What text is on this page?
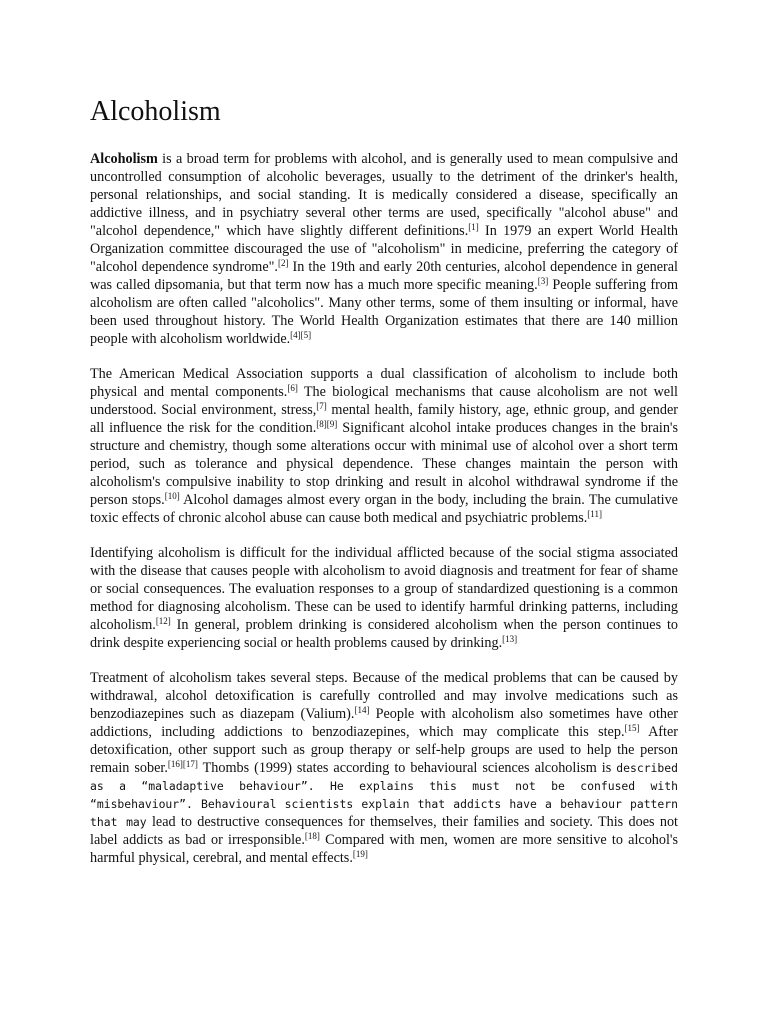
Alcoholism

Alcoholism is a broad term for problems with alcohol, and is generally used to mean compulsive and uncontrolled consumption of alcoholic beverages, usually to the detriment of the drinker's health, personal relationships, and social standing. It is medically considered a disease, specifically an addictive illness, and in psychiatry several other terms are used, specifically "alcohol abuse" and "alcohol dependence," which have slightly different definitions.[1] In 1979 an expert World Health Organization committee discouraged the use of "alcoholism" in medicine, preferring the category of "alcohol dependence syndrome".[2] In the 19th and early 20th centuries, alcohol dependence in general was called dipsomania, but that term now has a much more specific meaning.[3] People suffering from alcoholism are often called "alcoholics". Many other terms, some of them insulting or informal, have been used throughout history. The World Health Organization estimates that there are 140 million people with alcoholism worldwide.[4][5]

The American Medical Association supports a dual classification of alcoholism to include both physical and mental components.[6] The biological mechanisms that cause alcoholism are not well understood. Social environment, stress,[7] mental health, family history, age, ethnic group, and gender all influence the risk for the condition.[8][9] Significant alcohol intake produces changes in the brain's structure and chemistry, though some alterations occur with minimal use of alcohol over a short term period, such as tolerance and physical dependence. These changes maintain the person with alcoholism's compulsive inability to stop drinking and result in alcohol withdrawal syndrome if the person stops.[10] Alcohol damages almost every organ in the body, including the brain. The cumulative toxic effects of chronic alcohol abuse can cause both medical and psychiatric problems.[11]

Identifying alcoholism is difficult for the individual afflicted because of the social stigma associated with the disease that causes people with alcoholism to avoid diagnosis and treatment for fear of shame or social consequences. The evaluation responses to a group of standardized questioning is a common method for diagnosing alcoholism. These can be used to identify harmful drinking patterns, including alcoholism.[12] In general, problem drinking is considered alcoholism when the person continues to drink despite experiencing social or health problems caused by drinking.[13]

Treatment of alcoholism takes several steps. Because of the medical problems that can be caused by withdrawal, alcohol detoxification is carefully controlled and may involve medications such as benzodiazepines such as diazepam (Valium).[14] People with alcoholism also sometimes have other addictions, including addictions to benzodiazepines, which may complicate this step.[15] After detoxification, other support such as group therapy or self-help groups are used to help the person remain sober.[16][17] Thombs (1999) states according to behavioural sciences alcoholism is described as a “maladaptive behaviour”. He explains this must not be confused with “misbehaviour”. Behavioural scientists explain that addicts have a behaviour pattern that may lead to destructive consequences for themselves, their families and society. This does not label addicts as bad or irresponsible.[18] Compared with men, women are more sensitive to alcohol's harmful physical, cerebral, and mental effects.[19]
